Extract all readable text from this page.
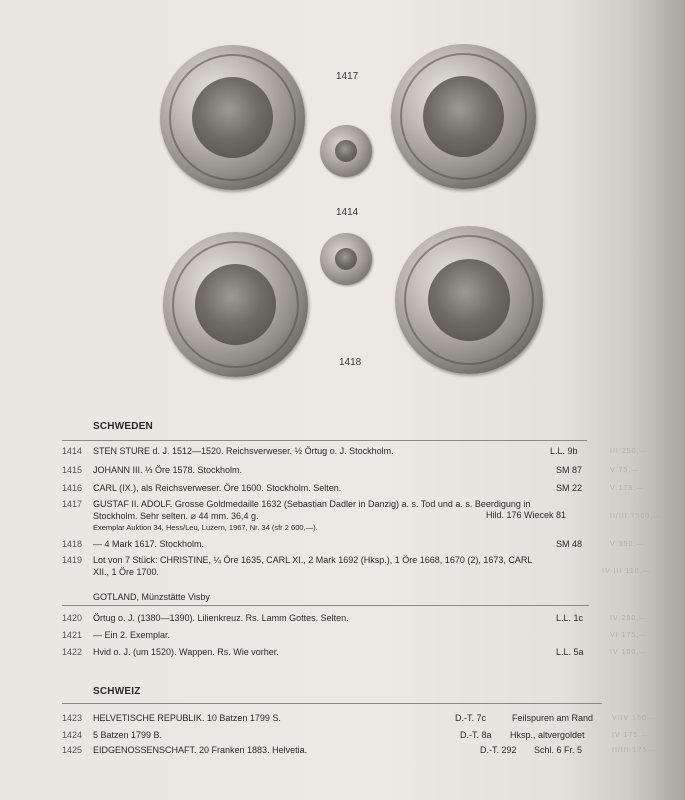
1417
1414
1418
SCHWEDEN
1414 STEN STURE d. J. 1512—1520. Reichsverweser. ½ Örtug o. J. Stockholm.	L.L. 9b	III 250,—
1415 JOHANN III. ⅓ Öre 1578. Stockholm.	SM 87	V 75,—
1416 CARL (IX.), als Reichsverweser. Öre 1600. Stockholm. Selten.	SM 22	V 175,—
1417 GUSTAF II. ADOLF. Grosse Goldmedaille 1632 (Sebastian Dadler in Danzig) a. s. Tod und a. s. Beerdigung in
Stockholm. Sehr selten. ⌀ 44 mm. 36,4 g.	Hild. 176 Wiecek 81
Exemplar Auktion 34, Hess/Leu, Luzern, 1967, Nr. 34 (sfr 2 600,—).
II/III 7500,—
1418 — 4 Mark 1617. Stockholm.	SM 48	V 350,—
1419 Lot von 7 Stück: CHRISTINE, ¼ Öre 1635, CARL XI., 2 Mark 1692 (Hksp.), 1 Öre 1668, 1670 (2), 1673, CARL
XII., 1 Öre 1700.	IV-III 110,—
GOTLAND, Münzstätte Visby
1420 Örtug o. J. (1380—1390). Lilienkreuz. Rs. Lamm Gottes. Selten.	L.L. 1c	IV 250,—
1421 — Ein 2. Exemplar.	VI 175,—
1422 Hvid o. J. (um 1520). Wappen. Rs. Wie vorher.	L.L. 5a	IV 100,—
SCHWEIZ
1423 HELVETISCHE REPUBLIK. 10 Batzen 1799 S.	D.-T. 7c	Feilspuren am Rand	V/IV 150,—
1424 5 Batzen 1799 B.	D.-T. 8a Hksp., altvergoldet	IV 175,—
1425 EIDGENOSSENSCHAFT. 20 Franken 1883. Helvetia.	D.-T. 292 Schl. 6 Fr. 5	II/III 175,—
